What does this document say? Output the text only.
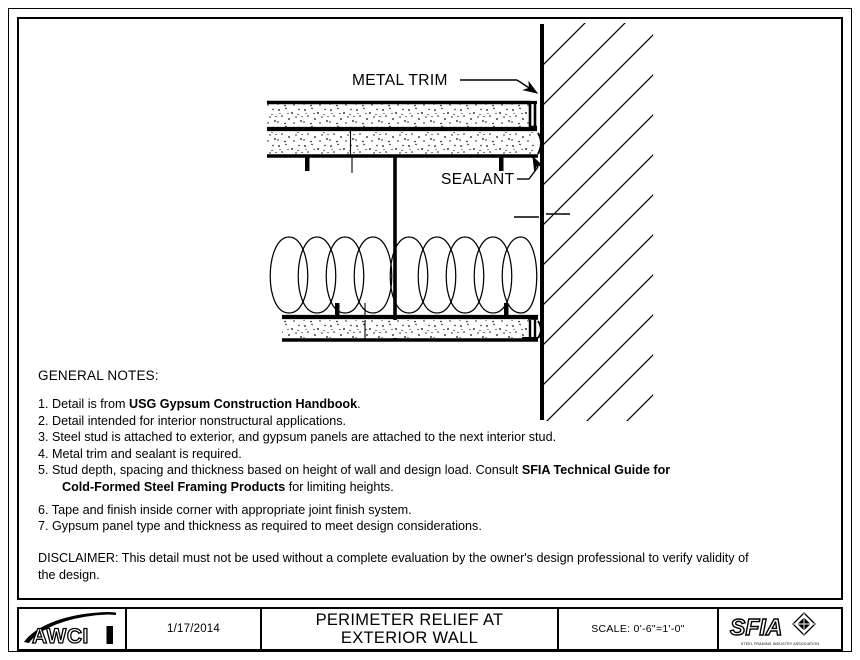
METAL TRIM
SEALANT
GENERAL NOTES:
1. Detail is from USG Gypsum Construction Handbook.
2. Detail intended for interior nonstructural applications.
3. Steel stud is attached to exterior, and gypsum panels are attached to the next interior stud.
4. Metal trim and sealant is required.
5. Stud depth, spacing and thickness based on height of wall and design load. Consult SFIA Technical Guide for
Cold-Formed Steel Framing Products for limiting heights.
6. Tape and finish inside corner with appropriate joint finish system.
7. Gypsum panel type and thickness as required to meet design considerations.
DISCLAIMER: This detail must not be used without a complete evaluation by the owner's design professional to verify validity of the design.
AWCI	1/17/2014
PERIMETER RELIEF AT
EXTERIOR WALL	SCALE: 0'-6"=1'-0" SFIA
STEEL FRAMING INDUSTRY ASSOCIATION
